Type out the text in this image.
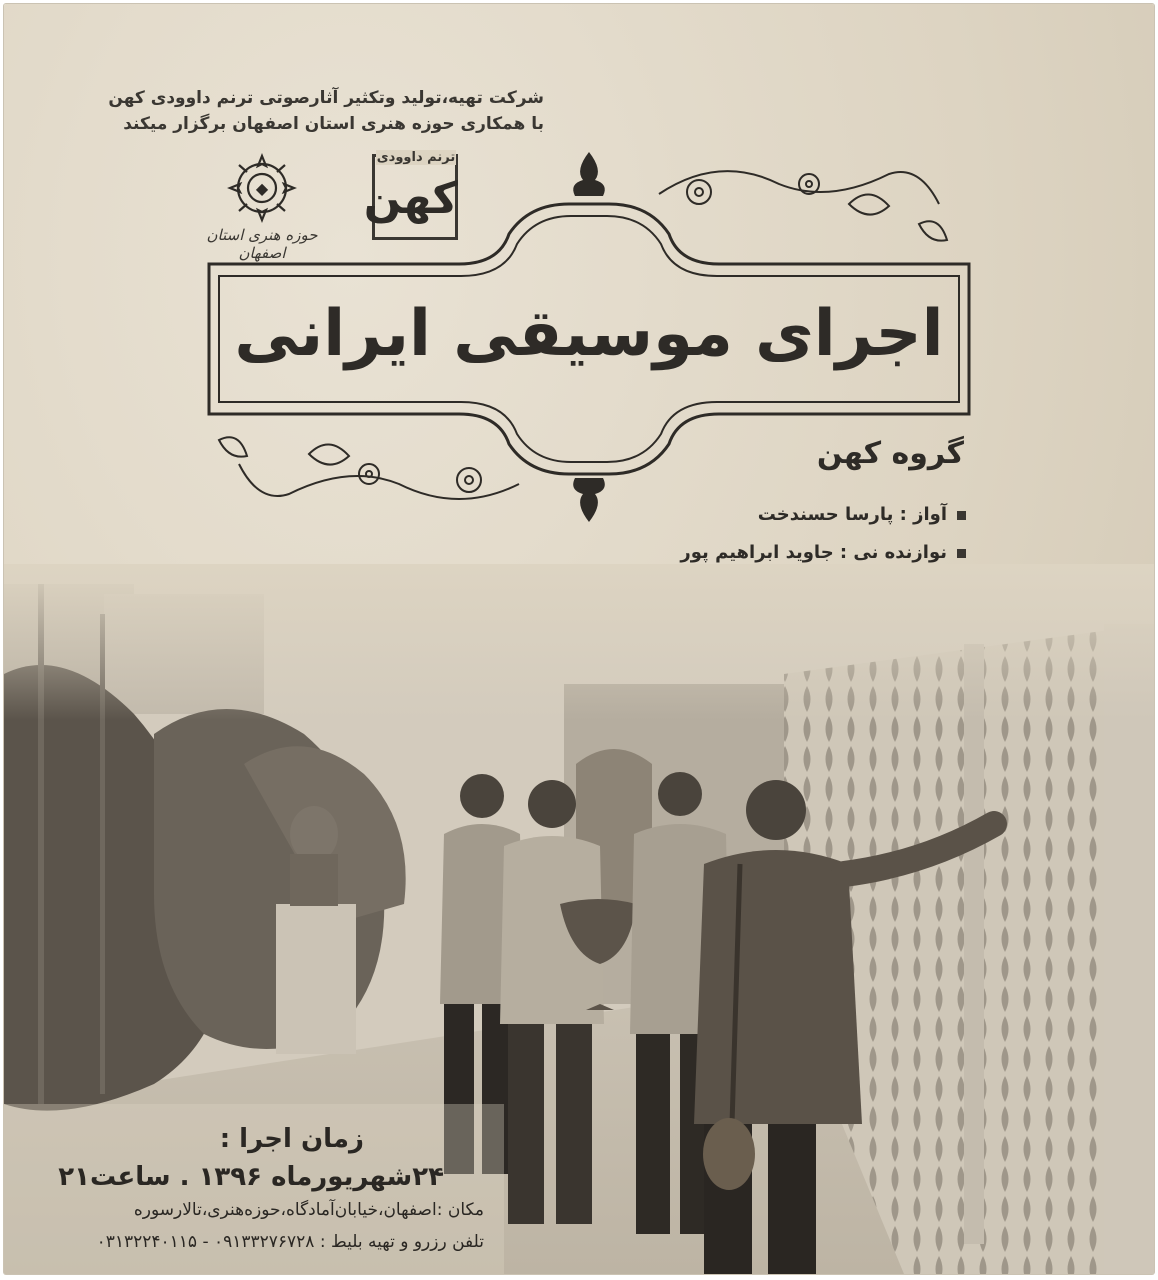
شرکت تهیه،تولید وتکثیر آثارصوتی ترنم داوودی کهن
با همکاری حوزه هنری استان اصفهان برگزار میکند
◆
حوزه هنری استان اصفهان
ترنم داوودی
کهن
اجرای موسیقی ایرانی
گروه کهن
آواز : پارسا حسندخت
نوازنده نی : جاوید ابراهیم پور
زمان اجرا :
۲۴شهریورماه ۱۳۹۶ . ساعت۲۱
مکان :اصفهان،خیابان‌آمادگاه،حوزه‌هنری،تالارسوره
تلفن رزرو و تهیه بلیط : ۰۹۱۳۳۲۷۶۷۲۸ - ۰۳۱۳۲۲۴۰۱۱۵
